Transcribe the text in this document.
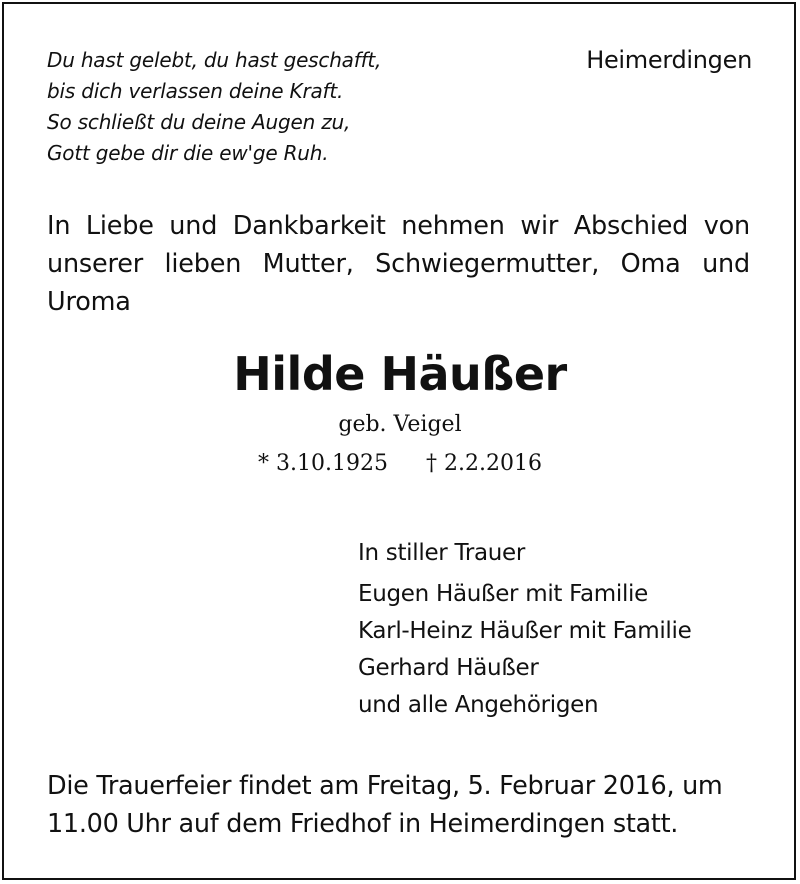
Du hast gelebt, du hast geschafft,
bis dich verlassen deine Kraft.
So schließt du deine Augen zu,
Gott gebe dir die ew'ge Ruh.
Heimerdingen
In Liebe und Dankbarkeit nehmen wir Abschied von unserer lieben Mutter, Schwiegermutter, Oma und Uroma
Hilde Häußer
geb. Veigel
* 3.10.1925 † 2.2.2016
In stiller Trauer
Eugen Häußer mit Familie
Karl-Heinz Häußer mit Familie
Gerhard Häußer
und alle Angehörigen
Die Trauerfeier findet am Freitag, 5. Februar 2016, um 11.00 Uhr auf dem Friedhof in Heimerdingen statt.
